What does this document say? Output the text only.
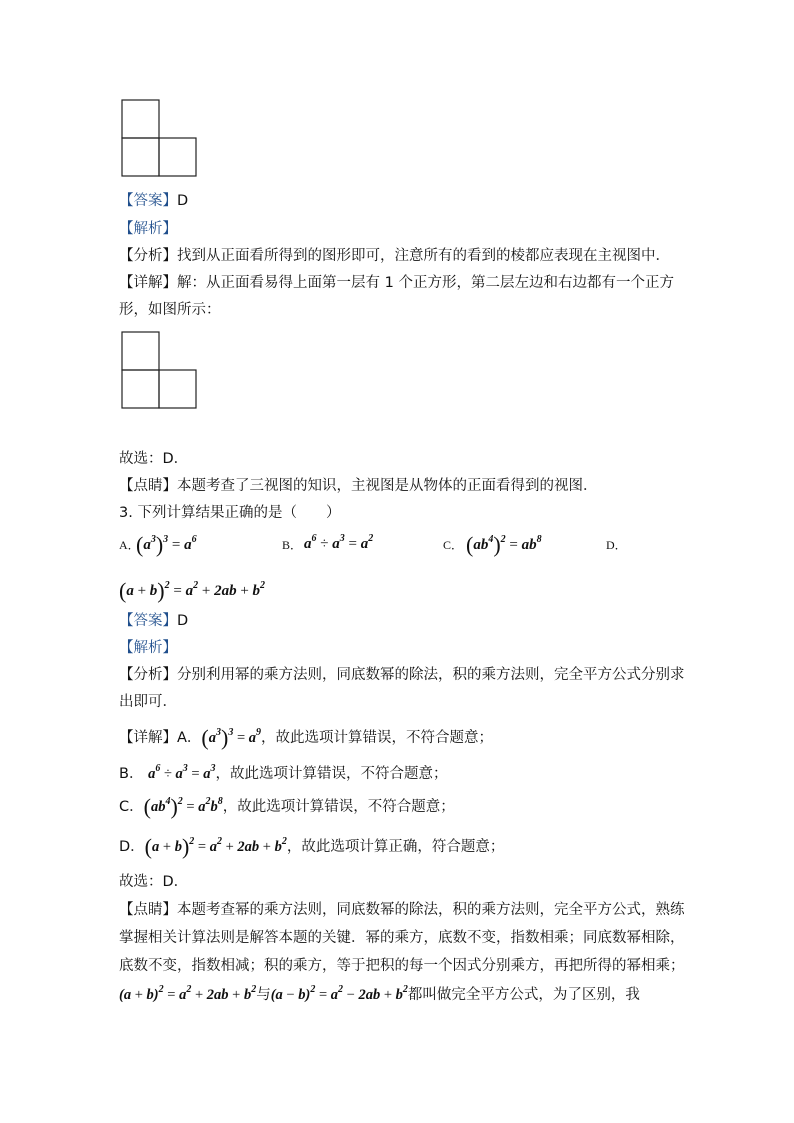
【答案】D
【解析】
【分析】找到从正面看所得到的图形即可，注意所有的看到的棱都应表现在主视图中．
【详解】解：从正面看易得上面第一层有 1 个正方形，第二层左边和右边都有一个正方
形，如图所示：
故选：D．
【点睛】本题考查了三视图的知识，主视图是从物体的正面看得到的视图．
3. 下列计算结果正确的是（　　）
A．
$(a^3)^3 = a^6$	B． $a^6 \div a^3 = a^2$	C． $(ab^4)^2 = ab^8$	D．
$(a + b)^2 = a^2 + 2ab + b^2$
【答案】D
【解析】
【分析】分别利用幂的乘方法则，同底数幂的除法，积的乘方法则，完全平方公式分别求
出即可．
【详解】A．$(a^3)^3 = a^9$，故此选项计算错误，不符合题意；
B． $a^6 \div a^3 = a^3$，故此选项计算错误，不符合题意；
C．$(ab^4)^2 = a^2b^8$，故此选项计算错误，不符合题意；
D．$(a + b)^2 = a^2 + 2ab + b^2$，故此选项计算正确，符合题意；
故选：D．
【点睛】本题考查幂的乘方法则，同底数幂的除法，积的乘方法则，完全平方公式，熟练
掌握相关计算法则是解答本题的关键．幂的乘方，底数不变，指数相乘；同底数幂相除，
底数不变，指数相减；积的乘方，等于把积的每一个因式分别乘方，再把所得的幂相乘；
$(a + b)^2 = a^2 + 2ab + b^2$与$(a - b)^2 = a^2 - 2ab + b^2$都叫做完全平方公式，为了区别，我
